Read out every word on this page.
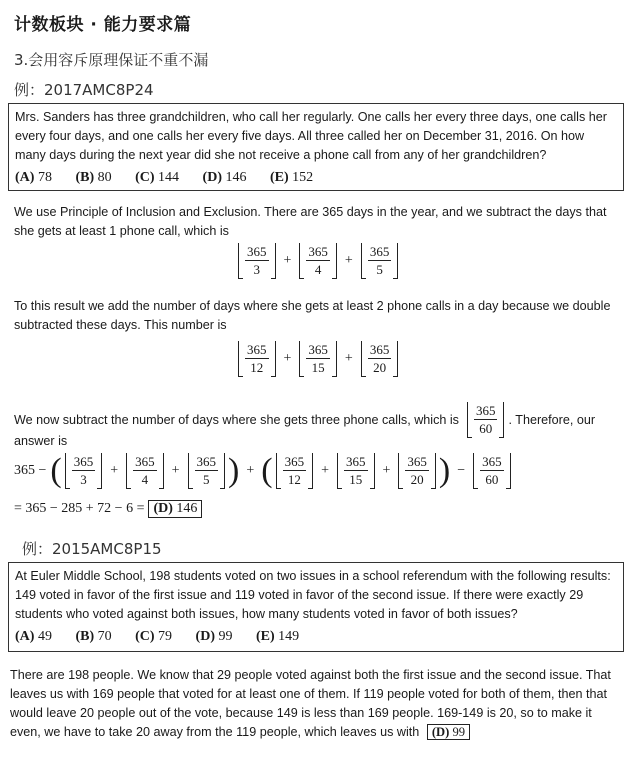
计数板块 · 能力要求篇
3.会用容斥原理保证不重不漏
例：2017AMC8P24
Mrs. Sanders has three grandchildren, who call her regularly. One calls her every three days, one calls her every four days, and one calls her every five days. All three called her on December 31, 2016. On how many days during the next year did she not receive a phone call from any of her grandchildren?
(A) 78 (B) 80 (C) 144 (D) 146 (E) 152
We use Principle of Inclusion and Exclusion. There are 365 days in the year, and we subtract the days that she gets at least 1 phone call, which is
$\frac{365}{3} + \frac{365}{4} + \frac{365}{5}$
To this result we add the number of days where she gets at least 2 phone calls in a day because we double subtracted these days. This number is
$\frac{365}{12} + \frac{365}{15} + \frac{365}{20}$
We now subtract the number of days where she gets three phone calls, which is $\frac{365}{60}$ . Therefore, our
answer is
365 − ( $\frac{365}{3} + \frac{365}{4} + \frac{365}{5}$ ) + ( $\frac{365}{12} + \frac{365}{15} + \frac{365}{20}$ ) − $\frac{365}{60}$
= 365 − 285 + 72 − 6 = (D) 146
例：2015AMC8P15
At Euler Middle School, 198 students voted on two issues in a school referendum with the following results: 149 voted in favor of the first issue and 119 voted in favor of the second issue. If there were exactly 29 students who voted against both issues, how many students voted in favor of both issues?
(A) 49 (B) 70 (C) 79 (D) 99 (E) 149
There are 198 people. We know that 29 people voted against both the first issue and the second issue. That leaves us with 169 people that voted for at least one of them. If 119 people voted for both of them, then that would leave 20 people out of the vote, because 149 is less than 169 people. 169-149 is 20, so to make it even, we have to take 20 away from the 119 people, which leaves us with (D) 99
